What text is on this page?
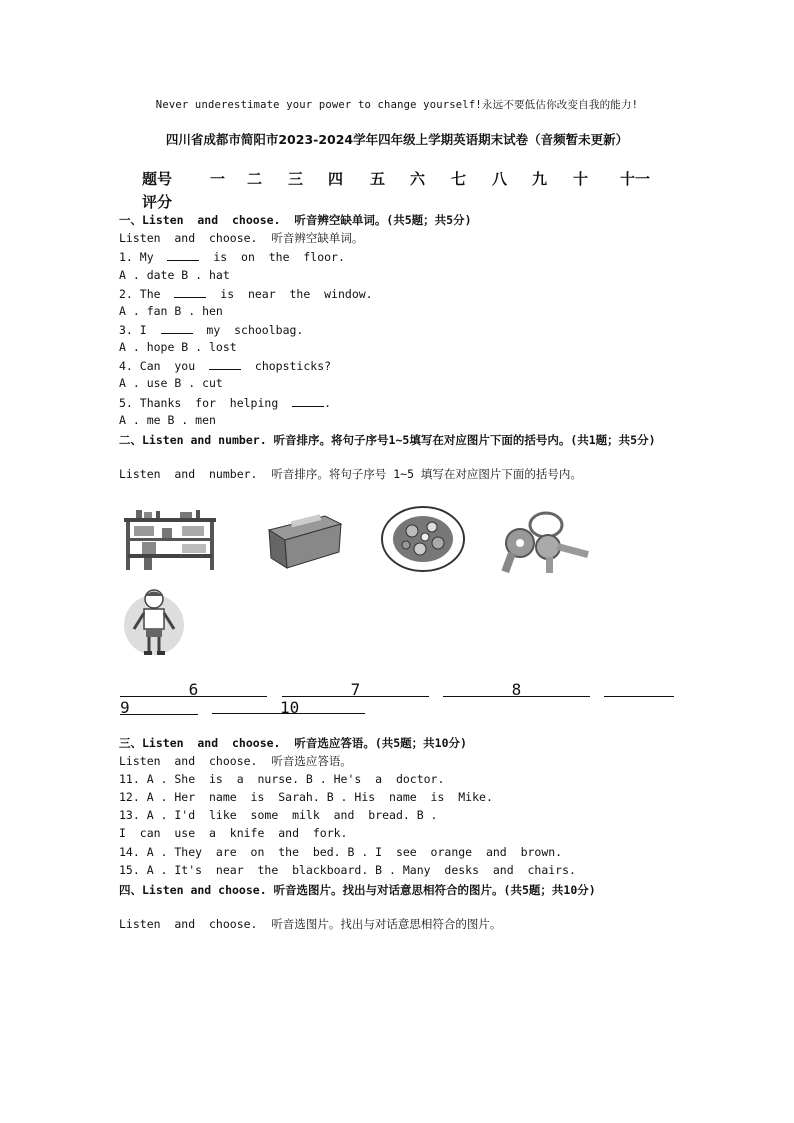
Never underestimate your power to change yourself!永远不要低估你改变自我的能力!
四川省成都市简阳市2023-2024学年四年级上学期英语期末试卷（音频暂未更新）
题号	一 二 三 四 五 六 七 八 九 十 十一
评分
一、Listen  and  choose.  听音辨空缺单词。(共5题；共5分)
Listen  and  choose.  听音辨空缺单词。
1. My	is  on  the  floor.
A . date B . hat
2. The	is  near  the  window.
A . fan B . hen
3. I	my  schoolbag.
A . hope B . lost
4. Can  you	chopsticks?
A . use B . cut
5. Thanks  for  helping	.
A . me B . men
二、Listen and number. 听音排序。将句子序号1~5填写在对应图片下面的括号内。(共1题；共5分)
Listen  and  number.  听音排序。将句子序号 1~5 填写在对应图片下面的括号内。
6	7	8
9	10
三、Listen  and  choose.  听音选应答语。(共5题；共10分)
Listen  and  choose.  听音选应答语。
11. A . She  is  a  nurse. B . He's  a  doctor.
12. A . Her  name  is  Sarah. B . His  name  is  Mike.
13. A . I'd  like  some  milk  and  bread. B .
I  can  use  a  knife  and  fork.
14. A . They  are  on  the  bed. B . I  see  orange  and  brown.
15. A . It's  near  the  blackboard. B . Many  desks  and  chairs.
四、Listen and choose. 听音选图片。找出与对话意思相符合的图片。(共5题；共10分)
Listen  and  choose.  听音选图片。找出与对话意思相符合的图片。
